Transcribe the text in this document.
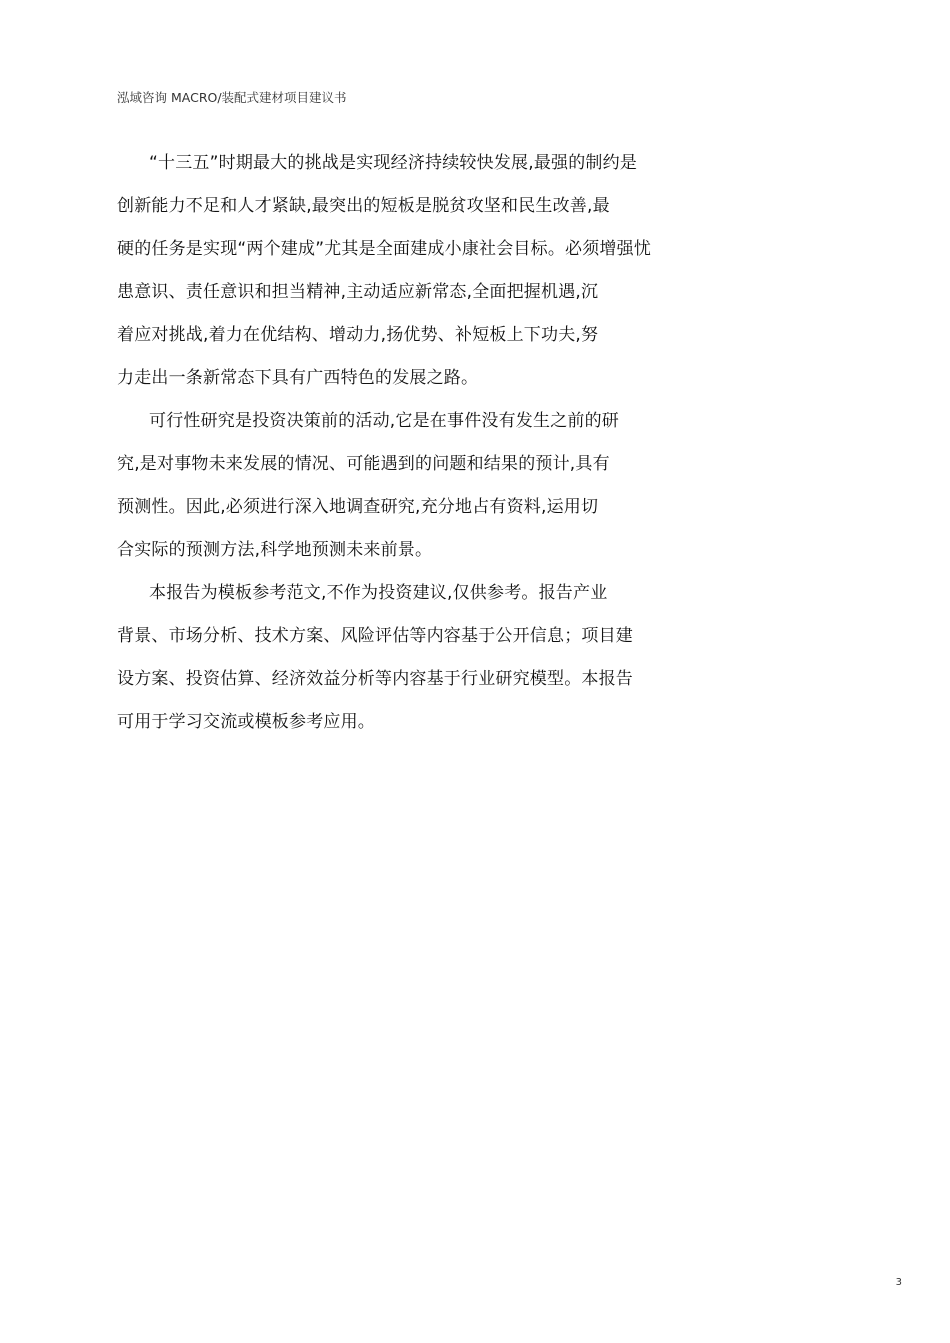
泓域咨询 MACRO/装配式建材项目建议书
“十三五”时期最大的挑战是实现经济持续较快发展,最强的制约是
创新能力不足和人才紧缺,最突出的短板是脱贫攻坚和民生改善,最
硬的任务是实现“两个建成”尤其是全面建成小康社会目标。必须增强忧
患意识、责任意识和担当精神,主动适应新常态,全面把握机遇,沉
着应对挑战,着力在优结构、增动力,扬优势、补短板上下功夫,努
力走出一条新常态下具有广西特色的发展之路。
可行性研究是投资决策前的活动,它是在事件没有发生之前的研
究,是对事物未来发展的情况、可能遇到的问题和结果的预计,具有
预测性。因此,必须进行深入地调查研究,充分地占有资料,运用切
合实际的预测方法,科学地预测未来前景。
本报告为模板参考范文,不作为投资建议,仅供参考。报告产业
背景、市场分析、技术方案、风险评估等内容基于公开信息；项目建
设方案、投资估算、经济效益分析等内容基于行业研究模型。本报告
可用于学习交流或模板参考应用。
3
